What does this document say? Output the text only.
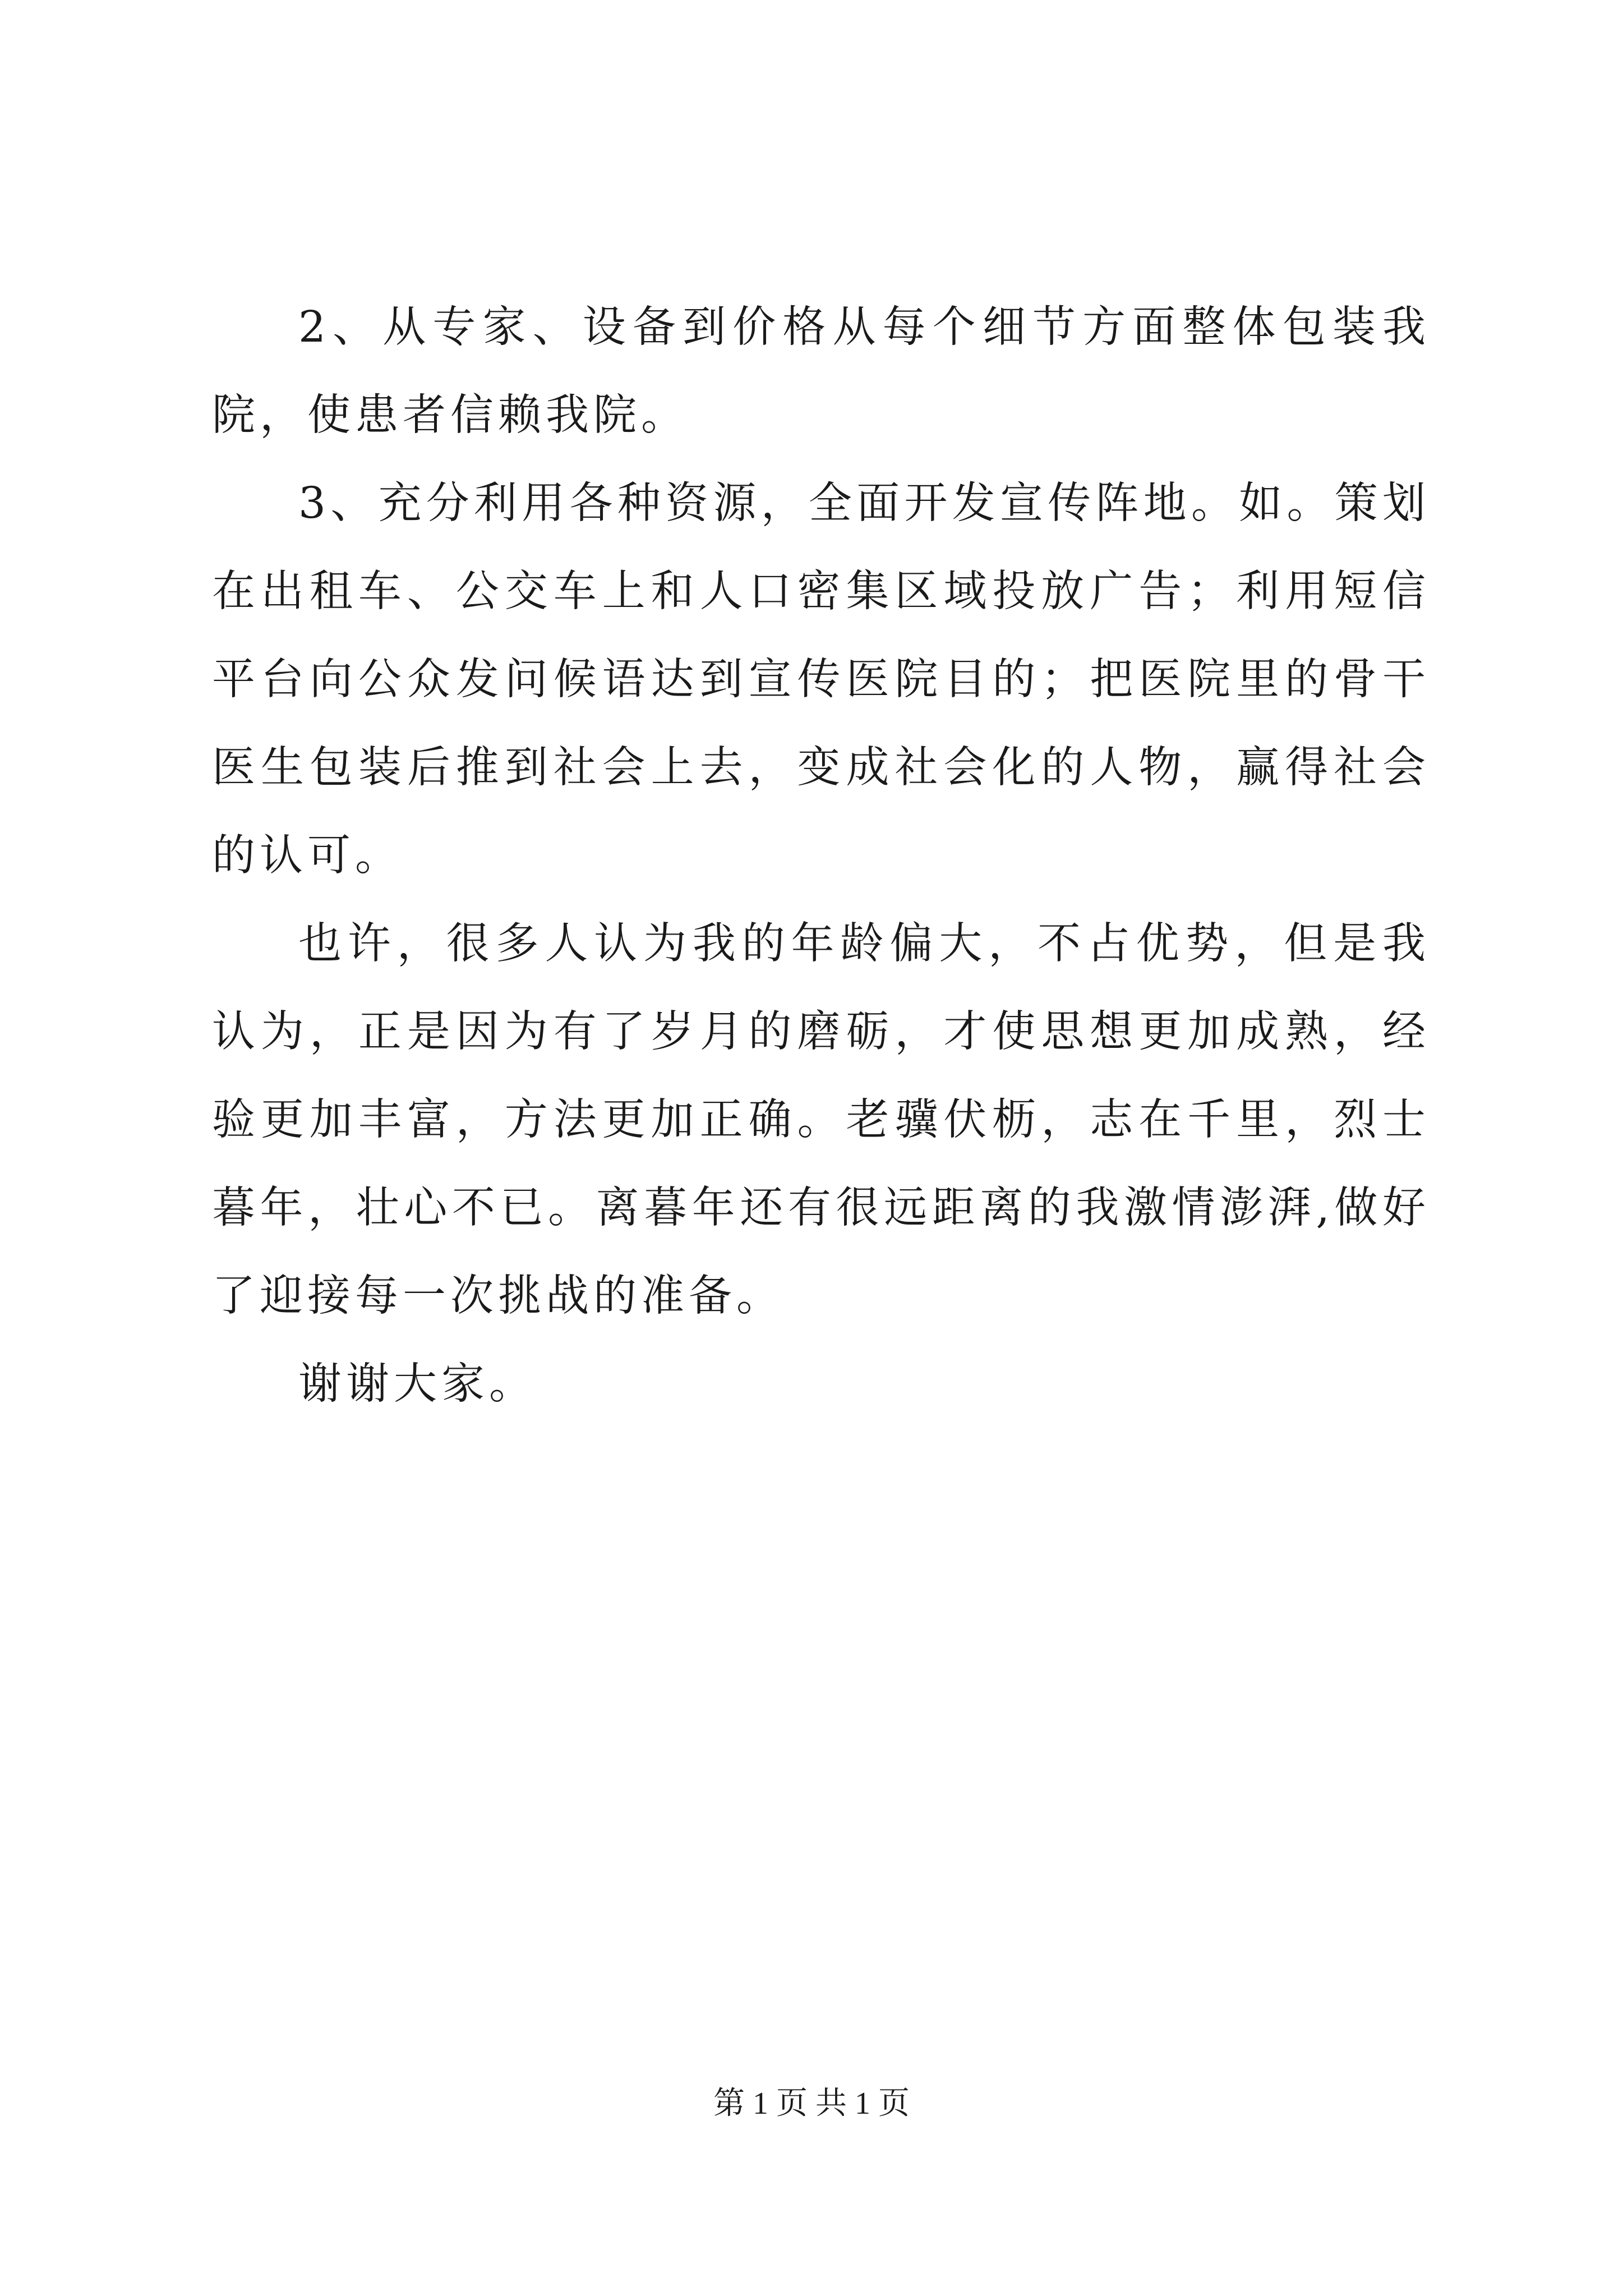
2、从专家、设备到价格从每个细节方面整体包装我院，使患者信赖我院。

3、充分利用各种资源，全面开发宣传阵地。如。策划在出租车、公交车上和人口密集区域投放广告；利用短信平台向公众发问候语达到宣传医院目的；把医院里的骨干医生包装后推到社会上去，变成社会化的人物，赢得社会的认可。

也许，很多人认为我的年龄偏大，不占优势，但是我认为，正是因为有了岁月的磨砺，才使思想更加成熟，经验更加丰富，方法更加正确。老骥伏枥，志在千里，烈士暮年，壮心不已。离暮年还有很远距离的我激情澎湃,做好了迎接每一次挑战的准备。

谢谢大家。

第 1 页 共 1 页
